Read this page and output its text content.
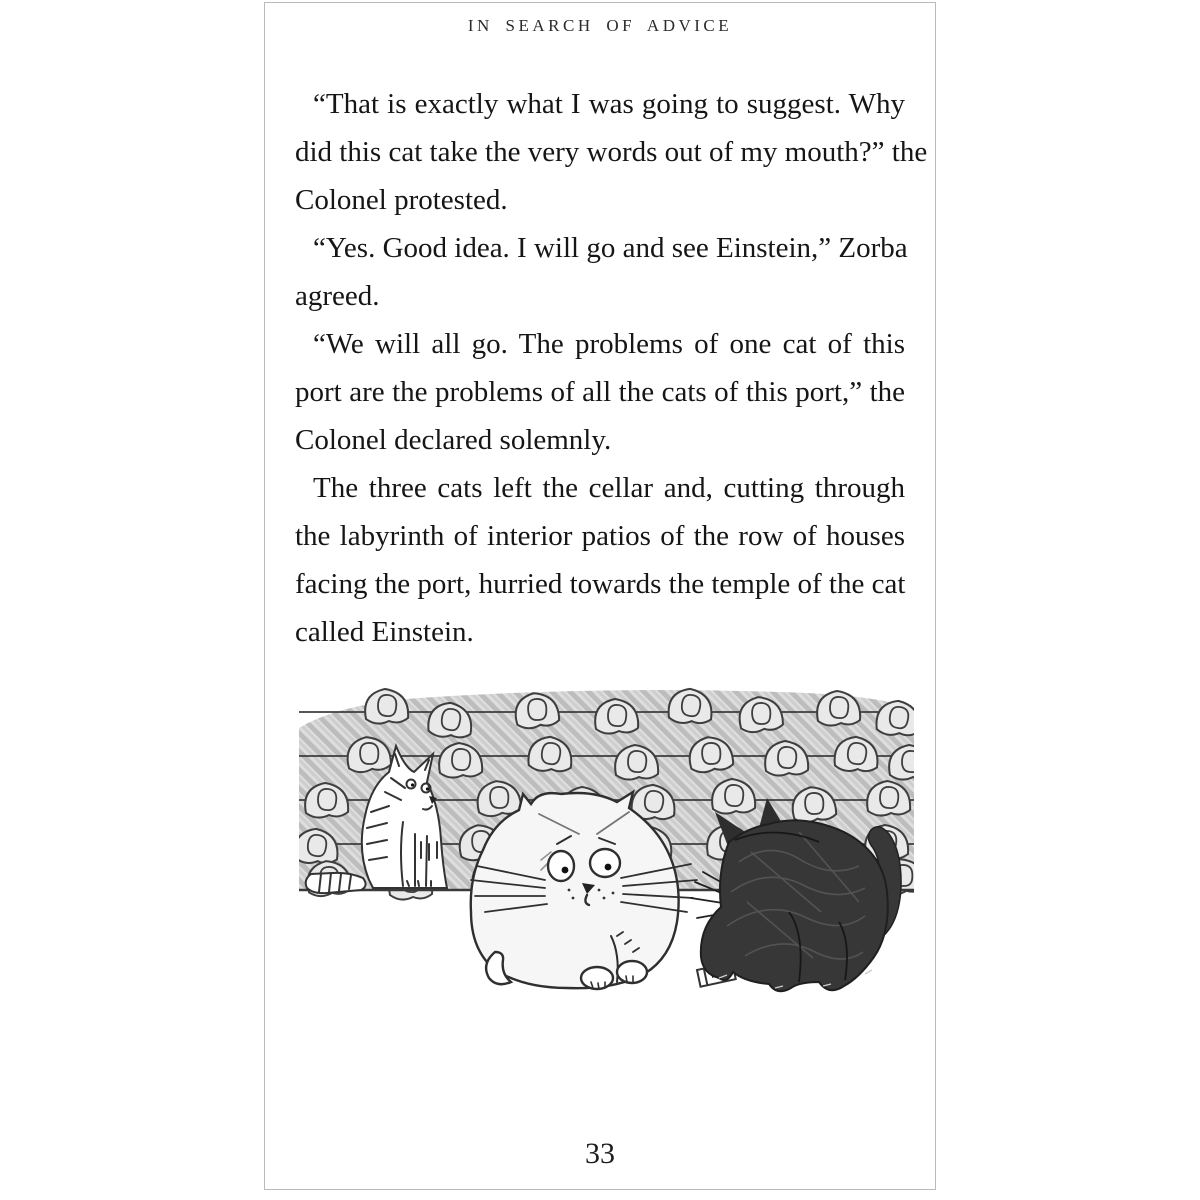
IN SEARCH OF ADVICE
“That is exactly what I was going to suggest. Why
did this cat take the very words out of my mouth?” the
Colonel protested.
“Yes. Good idea. I will go and see Einstein,” Zorba
agreed.
“We will all go. The problems of one cat of this
port are the problems of all the cats of this port,” the
Colonel declared solemnly.
The three cats left the cellar and, cutting through
the labyrinth of interior patios of the row of houses
facing the port, hurried towards the temple of the cat
called Einstein.
33
